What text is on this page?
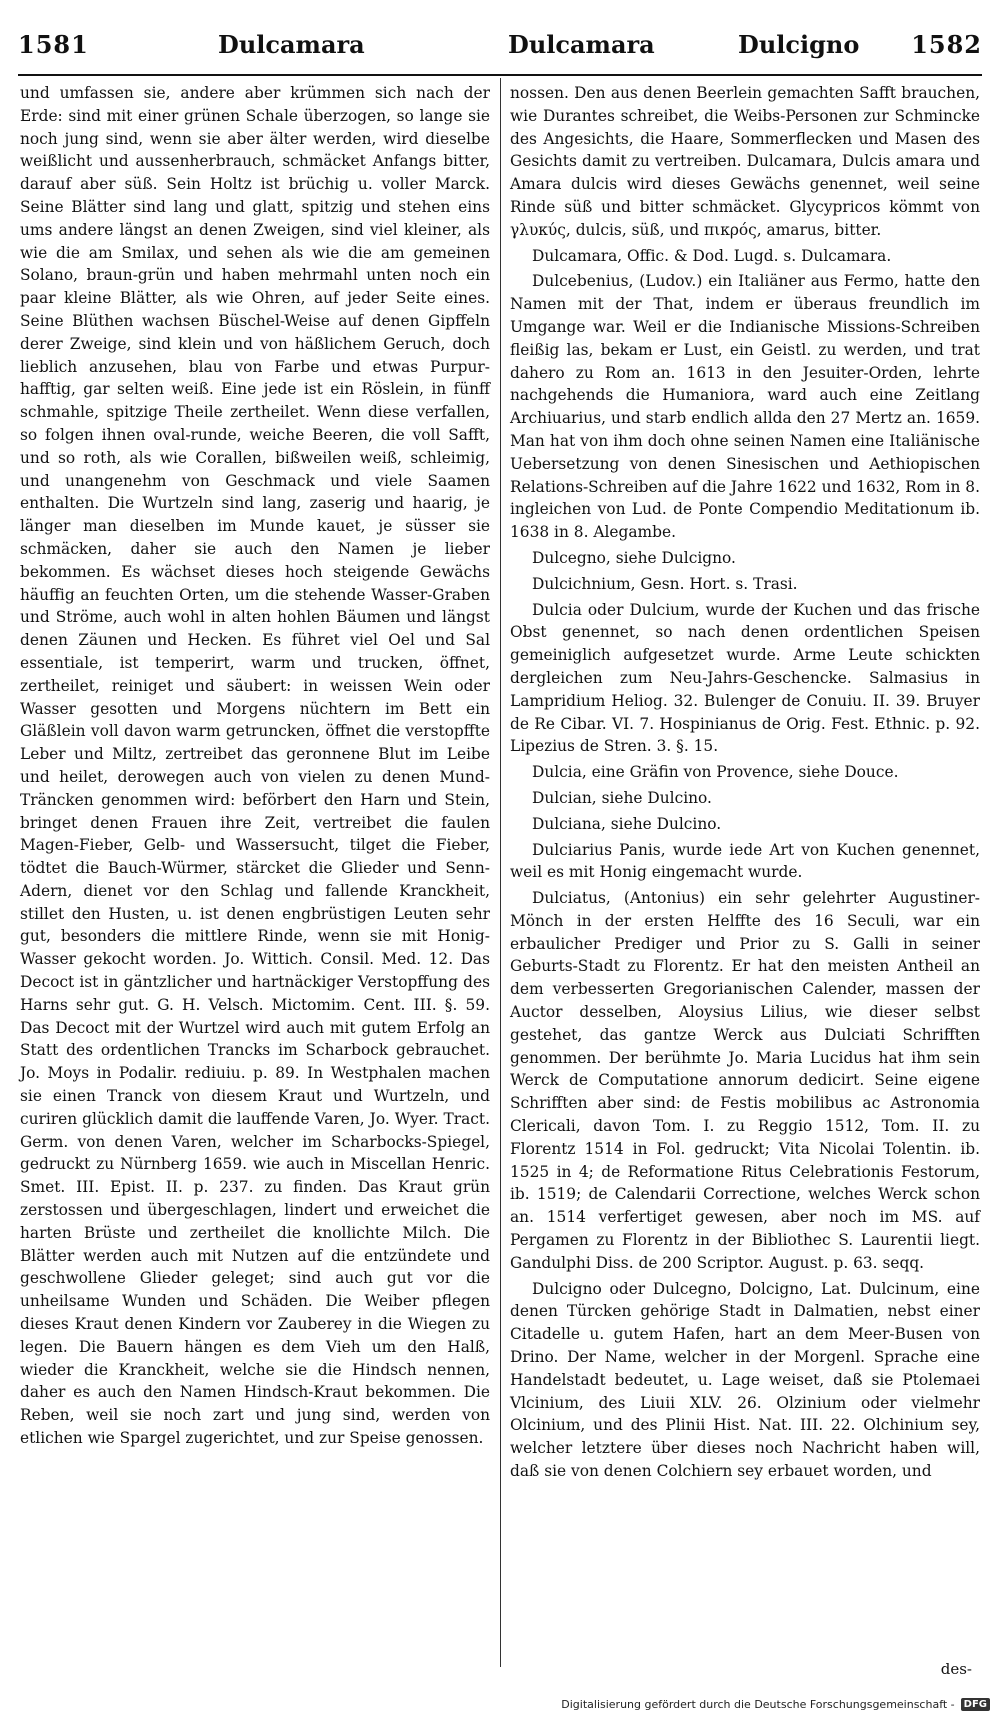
1581	Dulcamara	Dulcamara	Dulcigno 1582

und umfassen sie, andere aber krümmen sich nach der Erde: sind mit einer grünen Schale überzogen, so lange sie noch jung sind, wenn sie aber älter werden, wird dieselbe weißlicht und aussenherbrauch, schmäcket Anfangs bitter, darauf aber süß. Sein Holtz ist brüchig u. voller Marck. Seine Blätter sind lang und glatt, spitzig und stehen eins ums andere längst an denen Zweigen, sind viel kleiner, als wie die am Smilax, und sehen als wie die am gemeinen Solano, braun-grün und haben mehrmahl unten noch ein paar kleine Blätter, als wie Ohren, auf jeder Seite eines. Seine Blüthen wachsen Büschel-Weise auf denen Gipffeln derer Zweige, sind klein und von häßlichem Geruch, doch lieblich anzusehen, blau von Farbe und etwas Purpur-hafftig, gar selten weiß. Eine jede ist ein Röslein, in fünff schmahle, spitzige Theile zertheilet. Wenn diese verfallen, so folgen ihnen oval-runde, weiche Beeren, die voll Safft, und so roth, als wie Corallen, bißweilen weiß, schleimig, und unangenehm von Geschmack und viele Saamen enthalten. Die Wurtzeln sind lang, zaserig und haarig, je länger man dieselben im Munde kauet, je süsser sie schmäcken, daher sie auch den Namen je lieber bekommen. Es wächset dieses hoch steigende Gewächs häuffig an feuchten Orten, um die stehende Wasser-Graben und Ströme, auch wohl in alten hohlen Bäumen und längst denen Zäunen und Hecken. Es führet viel Oel und Sal essentiale, ist temperirt, warm und trucken, öffnet, zertheilet, reiniget und säubert: in weissen Wein oder Wasser gesotten und Morgens nüchtern im Bett ein Gläßlein voll davon warm getruncken, öffnet die verstopffte Leber und Miltz, zertreibet das geronnene Blut im Leibe und heilet, derowegen auch von vielen zu denen Mund-Träncken genommen wird: beförbert den Harn und Stein, bringet denen Frauen ihre Zeit, vertreibet die faulen Magen-Fieber, Gelb- und Wassersucht, tilget die Fieber, tödtet die Bauch-Würmer, stärcket die Glieder und Senn-Adern, dienet vor den Schlag und fallende Kranckheit, stillet den Husten, u. ist denen engbrüstigen Leuten sehr gut, besonders die mittlere Rinde, wenn sie mit Honig-Wasser gekocht worden. Jo. Wittich. Consil. Med. 12. Das Decoct ist in gäntzlicher und hartnäckiger Verstopffung des Harns sehr gut. G. H. Velsch. Mictomim. Cent. III. §. 59. Das Decoct mit der Wurtzel wird auch mit gutem Erfolg an Statt des ordentlichen Trancks im Scharbock gebrauchet. Jo. Moys in Podalir. rediuiu. p. 89. In Westphalen machen sie einen Tranck von diesem Kraut und Wurtzeln, und curiren glücklich damit die lauffende Varen, Jo. Wyer. Tract. Germ. von denen Varen, welcher im Scharbocks-Spiegel, gedruckt zu Nürnberg 1659. wie auch in Miscellan Henric. Smet. III. Epist. II. p. 237. zu finden. Das Kraut grün zerstossen und übergeschlagen, lindert und erweichet die harten Brüste und zertheilet die knollichte Milch. Die Blätter werden auch mit Nutzen auf die entzündete und geschwollene Glieder geleget; sind auch gut vor die unheilsame Wunden und Schäden. Die Weiber pflegen dieses Kraut denen Kindern vor Zauberey in die Wiegen zu legen. Die Bauern hängen es dem Vieh um den Halß, wieder die Kranckheit, welche sie die Hindsch nennen, daher es auch den Namen Hindsch-Kraut bekommen. Die Reben, weil sie noch zart und jung sind, werden von etlichen wie Spargel zugerichtet, und zur Speise genossen.

nossen. Den aus denen Beerlein gemachten Safft brauchen, wie Durantes schreibet, die Weibs-Personen zur Schmincke des Angesichts, die Haare, Sommerflecken und Masen des Gesichts damit zu vertreiben. Dulcamara, Dulcis amara und Amara dulcis wird dieses Gewächs genennet, weil seine Rinde süß und bitter schmäcket. Glycypricos kömmt von γλυκύς, dulcis, süß, und πικρός, amarus, bitter.

Dulcamara, Offic. & Dod. Lugd. s. Dulcamara.

Dulcebenius, (Ludov.) ein Italiäner aus Fermo, hatte den Namen mit der That, indem er überaus freundlich im Umgange war. Weil er die Indianische Missions-Schreiben fleißig las, bekam er Lust, ein Geistl. zu werden, und trat dahero zu Rom an. 1613 in den Jesuiter-Orden, lehrte nachgehends die Humaniora, ward auch eine Zeitlang Archiuarius, und starb endlich allda den 27 Mertz an. 1659. Man hat von ihm doch ohne seinen Namen eine Italiänische Uebersetzung von denen Sinesischen und Aethiopischen Relations-Schreiben auf die Jahre 1622 und 1632, Rom in 8. ingleichen von Lud. de Ponte Compendio Meditationum ib. 1638 in 8. Alegambe.

Dulcegno, siehe Dulcigno.

Dulcichnium, Gesn. Hort. s. Trasi.

Dulcia oder Dulcium, wurde der Kuchen und das frische Obst genennet, so nach denen ordentlichen Speisen gemeiniglich aufgesetzet wurde. Arme Leute schickten dergleichen zum Neu-Jahrs-Geschencke. Salmasius in Lampridium Heliog. 32. Bulenger de Conuiu. II. 39. Bruyer de Re Cibar. VI. 7. Hospinianus de Orig. Fest. Ethnic. p. 92. Lipezius de Stren. 3. §. 15.

Dulcia, eine Gräfin von Provence, siehe Douce.

Dulcian, siehe Dulcino.

Dulciana, siehe Dulcino.

Dulciarius Panis, wurde iede Art von Kuchen genennet, weil es mit Honig eingemacht wurde.

Dulciatus, (Antonius) ein sehr gelehrter Augustiner-Mönch in der ersten Helffte des 16 Seculi, war ein erbaulicher Prediger und Prior zu S. Galli in seiner Geburts-Stadt zu Florentz. Er hat den meisten Antheil an dem verbesserten Gregorianischen Calender, massen der Auctor desselben, Aloysius Lilius, wie dieser selbst gestehet, das gantze Werck aus Dulciati Schrifften genommen. Der berühmte Jo. Maria Lucidus hat ihm sein Werck de Computatione annorum dedicirt. Seine eigene Schrifften aber sind: de Festis mobilibus ac Astronomia Clericali, davon Tom. I. zu Reggio 1512, Tom. II. zu Florentz 1514 in Fol. gedruckt; Vita Nicolai Tolentin. ib. 1525 in 4; de Reformatione Ritus Celebrationis Festorum, ib. 1519; de Calendarii Correctione, welches Werck schon an. 1514 verfertiget gewesen, aber noch im MS. auf Pergamen zu Florentz in der Bibliothec S. Laurentii liegt. Gandulphi Diss. de 200 Scriptor. August. p. 63. seqq.

Dulcigno oder Dulcegno, Dolcigno, Lat. Dulcinum, eine denen Türcken gehörige Stadt in Dalmatien, nebst einer Citadelle u. gutem Hafen, hart an dem Meer-Busen von Drino. Der Name, welcher in der Morgenl. Sprache eine Handelstadt bedeutet, u. Lage weiset, daß sie Ptolemaei Vlcinium, des Liuii XLV. 26. Olzinium oder vielmehr Olcinium, und des Plinii Hist. Nat. III. 22. Olchinium sey, welcher letztere über dieses noch Nachricht haben will, daß sie von denen Colchiern sey erbauet worden, und

des-
Digitalisierung gefördert durch die Deutsche Forschungsgemeinschaft - DFG
